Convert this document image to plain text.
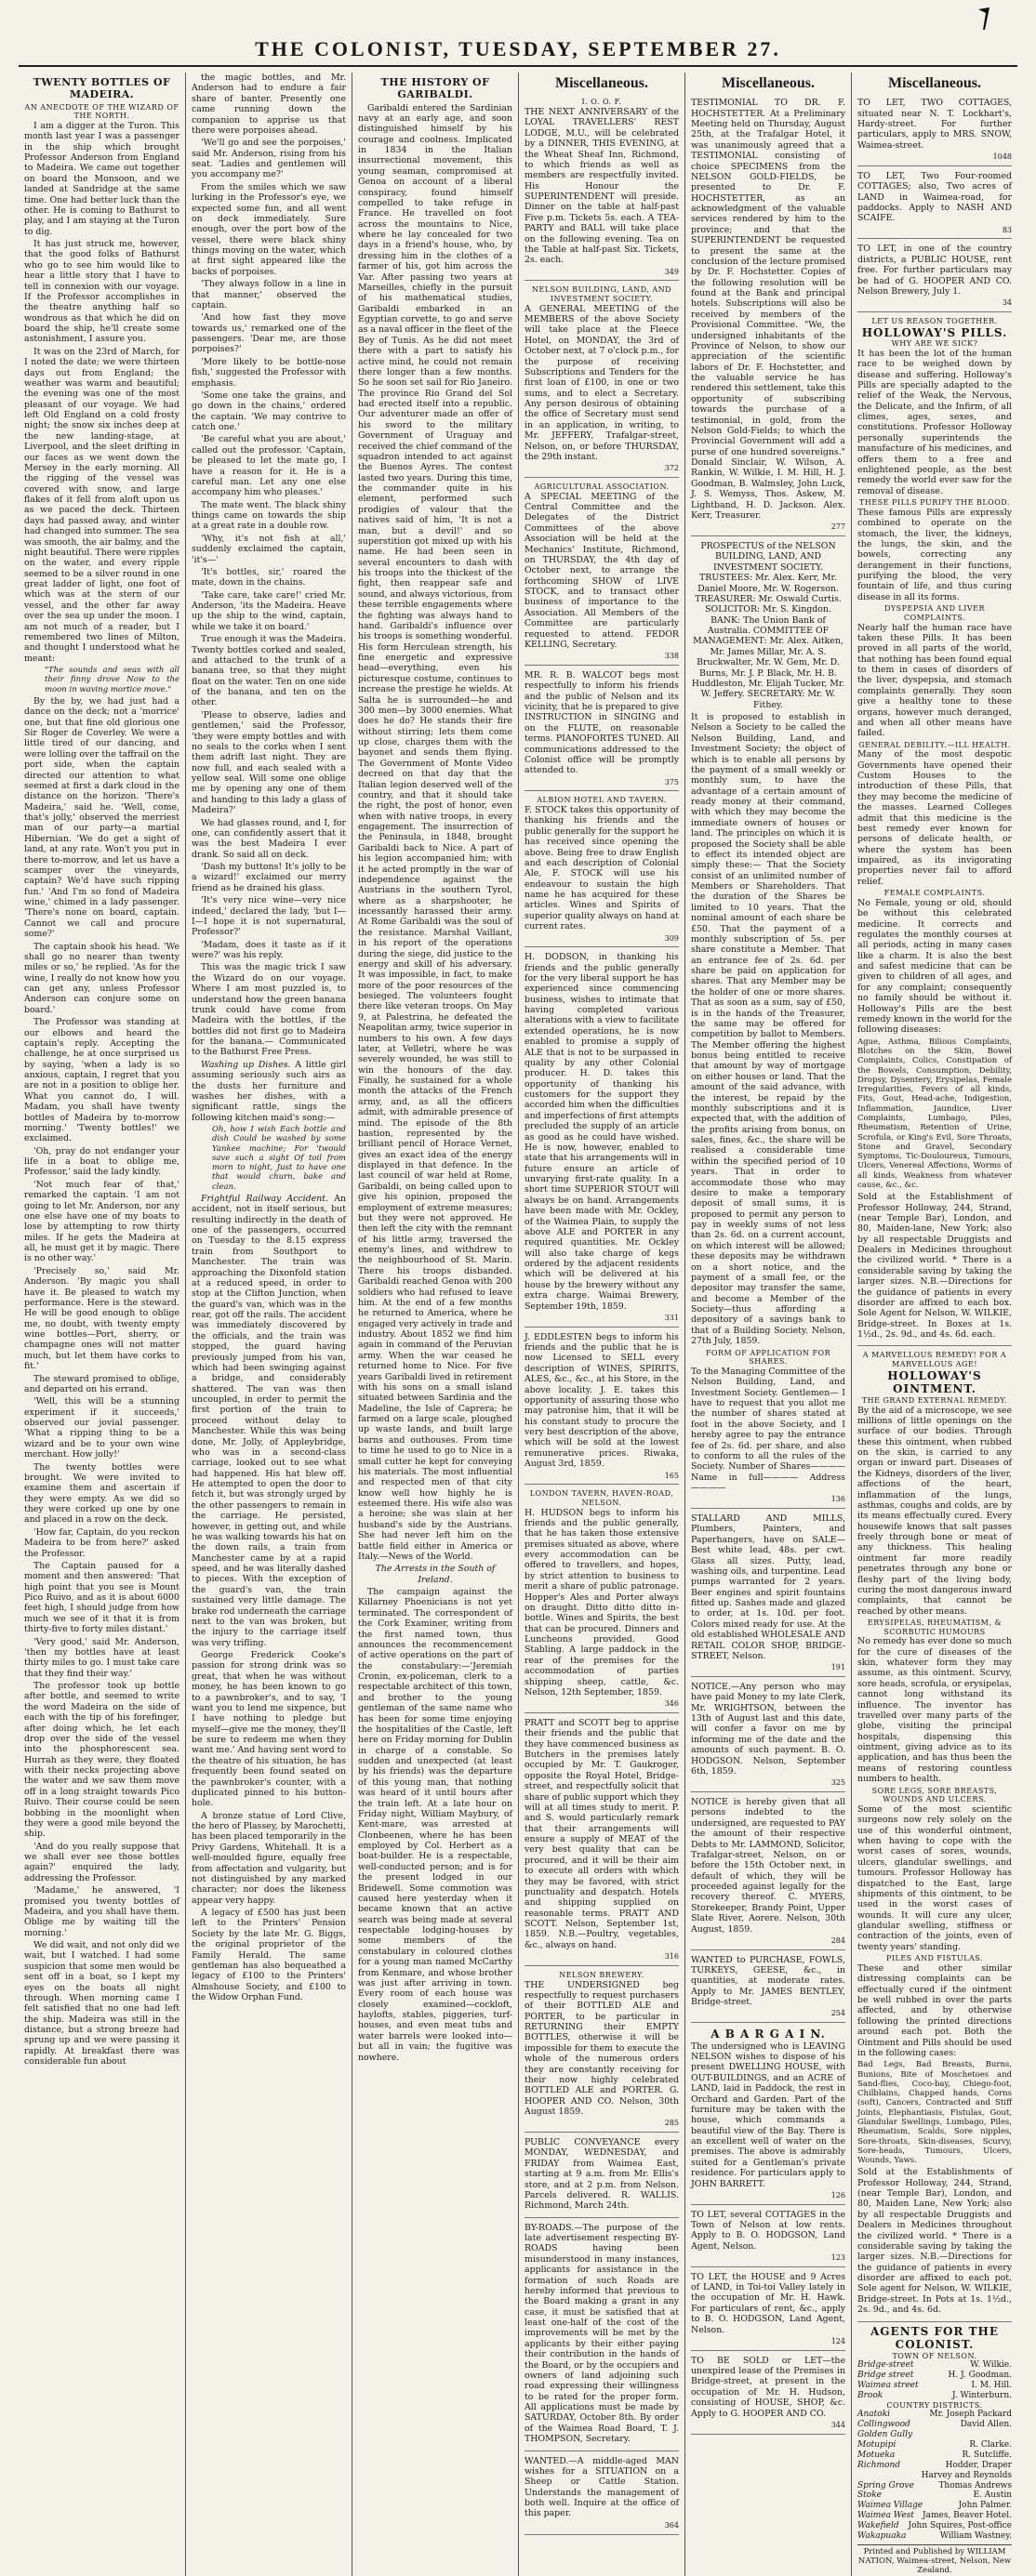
THE COLONIST, TUESDAY, SEPTEMBER 27.
TWENTY BOTTLES OF MADEIRA.
AN ANECDOTE OF THE WIZARD OF THE NORTH.

I am a digger at the Turon. This month last year I was a passenger in the ship which brought Professor Anderson from England to Madeira. We came out together on board the Monsoon, and we landed at Sandridge at the same time. One had better luck than the other. He is coming to Bathurst to play, and I am staying at the Turon to dig.

It has just struck me, however, that the good folks of Bathurst who go to see him would like to hear a little story that I have to tell in connexion with our voyage. If the Professor accomplishes in the theatre anything half so wondrous as that which he did on board the ship, he'll create some astonishment, I assure you.

It was on the 23rd of March, for I noted the date; we were thirteen days out from England; the weather was warm and beautiful; the evening was one of the most pleasant of our voyage. We had left Old England on a cold frosty night; the snow six inches deep at the new landing-stage, at Liverpool, and the sleet drifting in our faces as we went down the Mersey in the early morning. All the rigging of the vessel was covered with snow, and large flakes of it fell from aloft upon us as we paced the deck. Thirteen days had passed away, and winter had changed into summer. The sea was smooth, the air balmy, and the night beautiful. There were ripples on the water, and every ripple seemed to be a silver round in one great ladder of light, one foot of which was at the stern of our vessel, and the other far away over the sea up under the moon. I am not much of a reader, but I remembered two lines of Milton, and thought I understood what he meant:

"The sounds and seas with all their finny drove Now to the moon in waving mortice move."

By the by, we had just had a dance on the deck; not a 'morrice' one, but that fine old glorious one Sir Roger de Coverley. We were a little tired of our dancing, and were lolling over the taffrail on the port side, when the captain directed our attention to what seemed at first a dark cloud in the distance on the horizon. 'There's Madeira,' said he. 'Well, come, that's jolly,' observed the merriest man of our party—a martial Hibernian. 'We do get a sight of land, at any rate. Won't you put in there to-morrow, and let us have a scamper over the vineyards, captain? We'd have such ripping fun.' 'And I'm so fond of Madeira wine,' chimed in a lady passenger. 'There's none on board, captain. Cannot we call and procure some?'

The captain shook his head. 'We shall go no nearer than twenty miles or so,' he replied. 'As for the wine, I really do not know how you can get any, unless Professor Anderson can conjure some on board.'

The Professor was standing at our elbows and heard the captain's reply. Accepting the challenge, he at once surprised us by saying, 'when a lady is so anxious, captain, I regret that you are not in a position to oblige her. What you cannot do, I will. Madam, you shall have twenty bottles of Madeira by to-morrow morning.' 'Twenty bottles!' we exclaimed.

'Oh, pray do not endanger your life in a boat to oblige me, Professor,' said the lady kindly.

'Not much fear of that,' remarked the captain. 'I am not going to let Mr. Anderson, nor any one else have one of my boats to lose by attempting to row thirty miles. If he gets the Madeira at all, he must get it by magic. There is no other way.'

'Precisely so,' said Mr. Anderson. 'By magic you shall have it. Be pleased to watch my performance. Here is the steward. He will be good enough to oblige me, no doubt, with twenty empty wine bottles—Port, sherry, or champagne ones will not matter much, but let them have corks to fit.'

The steward promised to oblige, and departed on his errand.

'Well, this will be a stunning experiment if it succeeds,' observed our jovial passenger. 'What a ripping thing to be a wizard and be to your own wine merchant. How jolly!'

The twenty bottles were brought. We were invited to examine them and ascertain if they were empty. As we did so they were corked up one by one and placed in a row on the deck.

'How far, Captain, do you reckon Madeira to be from here?' asked the Professor.

The Captain paused for a moment and then answered: 'That high point that you see is Mount Pico Ruivo, and as it is about 6000 feet high, I should judge from how much we see of it that it is from thirty-five to forty miles distant.'

'Very good,' said Mr. Anderson, 'then my bottles have at least thirty miles to go. I must take care that they find their way.'

The professor took up bottle after bottle, and seemed to write the word Madeira on the side of each with the tip of his forefinger, after doing which, he let each drop over the side of the vessel into the phosphorescent sea. Hurrah as they were, they floated with their necks projecting above the water and we saw them move off in a long straight towards Pico Ruivo. Their course could be seen bobbing in the moonlight when they were a good mile beyond the ship.

'And do you really suppose that we shall ever see those bottles again?' enquired the lady, addressing the Professor.

'Madame,' he answered, 'I promised you twenty bottles of Madeira, and you shall have them. Oblige me by waiting till the morning.'

We did wait, and not only did we wait, but I watched. I had some suspicion that some men would be sent off in a boat, so I kept my eyes on the boats all night through. When morning came I felt satisfied that no one had left the ship. Madeira was still in the distance, but a strong breeze had sprung up and we were passing it rapidly. At breakfast there was considerable fun about

the magic bottles, and Mr. Anderson had to endure a fair share of banter. Presently one came running down the companion to apprise us that there were porpoises ahead.

'We'll go and see the porpoises,' said Mr. Anderson, rising from his seat. 'Ladies and gentlemen will you accompany me?'

From the smiles which we saw lurking in the Professor's eye, we expected some fun, and all went on deck immediately. Sure enough, over the port bow of the vessel, there were black shiny things moving on the water, which at first sight appeared like the backs of porpoises.

'They always follow in a line in that manner,' observed the captain.

'And how fast they move towards us,' remarked one of the passengers. 'Dear me, are those porpoises?'

'More likely to be bottle-nose fish,' suggested the Professor with emphasis.

'Some one take the grains, and go down in the chains,' ordered the captain. 'We may contrive to catch one.'

'Be careful what you are about,' called out the professor. 'Captain, be pleased to let the mate go, I have a reason for it. He is a careful man. Let any one else accompany him who pleases.'

The mate went. The black shiny things came on towards the ship at a great rate in a double row.

'Why, it's not fish at all,' suddenly exclaimed the captain, 'it's—'

'It's bottles, sir,' roared the mate, down in the chains.

'Take care, take care!' cried Mr. Anderson, 'its the Madeira. Heave up the ship to the wind, captain, while we take it on board.'

True enough it was the Madeira. Twenty bottles corked and sealed, and attached to the trunk of a banana tree, so that they might float on the water. Ten on one side of the banana, and ten on the other.

'Please to observe, ladies and gentlemen,' said the Professor, 'they were empty bottles and with no seals to the corks when I sent them adrift last night. They are now full, and each sealed with a yellow seal. Will some one oblige me by opening any one of them and handing to this lady a glass of Madeira?'

We had glasses round, and I, for one, can confidently assert that it was the best Madeira I ever drank. So said all on deck.

'Dash my buttons! It's jolly to be a wizard!' exclaimed our merry friend as he drained his glass.

'It's very nice wine—very nice indeed,' declared the lady, 'but I—I—I hope it is not supernatural, Professor?'

'Madam, does it taste as if it were?' was his reply.

This was the magic trick I saw the Wizard do on our voyage. Where I am most puzzled is, to understand how the green banana trunk could have come from Madeira with the bottles, if the bottles did not first go to Madeira for the banana.— Communicated to the Bathurst Free Press.

Washing up Dishes. A little girl assuming seriously such airs as the dusts her furniture and washes her dishes, with a significant rattle, sings the following kitchen maid's song:—

Oh, how I wish Each bottle and dish Could be washed by some Yankee machine; For 'twould save such a sight Of toil from morn to night, Just to have one that would churn, bake and clean.

Frightful Railway Accident. An accident, not in itself serious, but resulting indirectly in the death of one of the passengers, occurred on Tuesday to the 8.15 express train from Southport to Manchester. The train was approaching the Dixonfold station at a reduced speed, in order to stop at the Clifton Junction, when the guard's van, which was in the rear, got off the rails. The accident was immediately discovered by the officials, and the train was stopped, the guard having previously jumped from his van, which had been swinging against a bridge, and considerably shattered. The van was then uncoupled, in order to permit the first portion of the train to proceed without delay to Manchester. While this was being done, Mr. Jolly, of Appleybridge, who was in a second-class carriage, looked out to see what had happened. His hat blew off. He attempted to open the door to fetch it, but was strongly urged by the other passengers to remain in the carriage. He persisted, however, in getting out, and while he was walking towards his hat on the down rails, a train from Manchester came by at a rapid speed, and he was literally dashed to pieces. With the exception of the guard's van, the train sustained very little damage. The brake rod underneath the carriage next to the van was broken, but the injury to the carriage itself was very trifling.

George Frederick Cooke's passion for strong drink was so great, that when he was without money, he has been known to go to a pawnbroker's, and to say, 'I want you to lend me sixpence, but I have nothing to pledge but myself—give me the money, they'll be sure to redeem me when they want me.' And having sent word to the theatre of his situation, he has frequently been found seated on the pawnbroker's counter, with a duplicated pinned to his button-hole.

A bronze statue of Lord Clive, the hero of Plassey, by Marochetti, has been placed temporarily in the Privy Gardens, Whitehall. It is a well-moulded figure, equally free from affectation and vulgarity, but not distinguished by any marked character; nor does the likeness appear very happy.

A legacy of £500 has just been left to the Printers' Pension Society by the late Mr. G. Biggs, the original proprietor of the Family Herald. The same gentleman has also bequeathed a legacy of £100 to the Printers' Almshouse Society, and £100 to the Widow Orphan Fund.

THE HISTORY OF GARIBALDI.

Garibaldi entered the Sardinian navy at an early age, and soon distinguished himself by his courage and coolness. Implicated in 1834 in the Italian insurrectional movement, this young seaman, compromised at Genoa on account of a liberal conspiracy, found himself compelled to take refuge in France. He travelled on foot across the mountains to Nice, where he lay concealed for two days in a friend's house, who, by dressing him in the clothes of a farmer of his, got him across the Var. After passing two years at Marseilles, chiefly in the pursuit of his mathematical studies, Garibaldi embarked in an Egyptian corvette, to go and serve as a naval officer in the fleet of the Bey of Tunis. As he did not meet there with a part to satisfy his active mind, he could not remain there longer than a few months. So he soon set sail for Rio Janeiro. The province Rio Grand del Sol had erected itself into a republic. Our adventurer made an offer of his sword to the military Government of Uraguay and received the chief command of the squadron intended to act against the Buenos Ayres. The contest lasted two years. During this time, the commander quite in his element, performed such prodigies of valour that the natives said of him, 'It is not a man, but a devil!' and so superstition got mixed up with his name. He had been seen in several encounters to dash with his troops into the thickest of the fight, then reappear safe and sound, and always victorious, from these terrible engagements where the fighting was always hand to hand. Garibaldi's influence over his troops is something wonderful. His form Herculean strength, his fine energetic and expressive head—everything, even his picturesque costume, continues to increase the prestige he wields. At Salta he is surrounded—he and 300 men—by 3000 enemies. What does he do? He stands their fire without stirring; lets them come up close, charges them with the bayonet and sends them flying. The Government of Monte Video decreed on that day that the Italian legion deserved well of the country, and that it should take the right, the post of honor, even when with native troops, in every engagement. The insurrection of the Peninsula, in 1848, brought Garibaldi back to Nice. A part of his legion accompanied him; with it he acted promptly in the war of independence against the Austrians in the southern Tyrol, where as a sharpshooter, he incessantly harassed their army. At Rome Garibaldi was the soul of the resistance. Marshal Vaillant, in his report of the operations during the siege, did justice to the energy and skill of his adversary. It was impossible, in fact, to make more of the poor resources of the besieged. The volunteers fought there like veteran troops. On May 9, at Palestrina, he defeated the Neapolitan army, twice superior in numbers to his own. A few days later, at Velletri, where he was severely wounded, he was still to win the honours of the day. Finally, he sustained for a whole month the attacks of the French army, and, as all the officers admit, with admirable presence of mind. The episode of the 8th bastion, represented by the brilliant pencil of Horace Vernet, gives an exact idea of the energy displayed in that defence. In the last council of war held at Rome, Garibaldi, on being called upon to give his opinion, proposed the employment of extreme measures; but they were not approved. He then left the city with the remnant of his little army, traversed the enemy's lines, and withdrew to the neighbourhood of St. Marin. There his troops disbanded. Garibaldi reached Genoa with 200 soldiers who had refused to leave him. At the end of a few months he returned to America, where he engaged very actively in trade and industry. About 1852 we find him again in command of the Peruvian army. When the war ceased he returned home to Nice. For five years Garibaldi lived in retirement with his sons on a small island situated between Sardinia and the Madeline, the Isle of Caprera; he farmed on a large scale, ploughed up waste lands, and built large barns and outhouses. From time to time he used to go to Nice in a small cutter he kept for conveying his materials. The most influential and respected men of that city know well how highly he is esteemed there. His wife also was a heroine; she was slain at her husband's side by the Austrians. She had never left him on the battle field either in America or Italy.—News of the World.

The Arrests in the South of Ireland.

The campaign against the Killarney Phoenicians is not yet terminated. The correspondent of the Cork Examiner, writing from the first named town, thus announces the recommencement of active operations on the part of the constabulary:—'Jeremiah Cronin, ex-policeman, clerk to a respectable architect of this town, and brother to the young gentleman of the same name who has been for some time enjoying the hospitalities of the Castle, left here on Friday morning for Dublin in charge of a constable. So sudden and unexpected (at least by his friends) was the departure of this young man, that nothing was heard of it until hours after the train left. At a late hour on Friday night, William Maybury, of Kent-mare, was arrested at Clonbeenen, where he has been employed by Col. Herbert as a boat-builder. He is a respectable, well-conducted person; and is for the present lodged in our Bridewell. Some commotion was caused here yesterday when it became known that an active search was being made at several respectable lodging-houses by some members of the constabulary in coloured clothes for a young man named McCarthy from Kenmare, and whose brother was just after arriving in town. Every room of each house was closely examined—cockloft, haylofts, stables, piggeries, turf-houses, and even meat tubs and water barrels were looked into—but all in vain; the fugitive was nowhere.

Miscellaneous.
I. O. O. F.

THE NEXT ANNIVERSARY of the LOYAL TRAVELLERS' REST LODGE, M.U., will be celebrated by a DINNER, THIS EVENING, at the Wheat Sheaf Inn, Richmond, to which friends as well as members are respectfully invited. His Honour the SUPERINTENDENT will preside. Dinner on the table at half-past Five p.m. Tickets 5s. each. A TEA-PARTY and BALL will take place on the following evening. Tea on the Table at half-past Six. Tickets, 2s. each.

349
NELSON BUILDING, LAND, AND INVESTMENT SOCIETY.

A GENERAL MEETING of the MEMBERS of the above Society will take place at the Fleece Hotel, on MONDAY, the 3rd of October next, at 7 o'clock p.m., for the purpose of receiving Subscriptions and Tenders for the first loan of £100, in one or two sums, and to elect a Secretary. Any person desirous of obtaining the office of Secretary must send in an application, in writing, to Mr. JEFFERY, Trafalgar-street, Nelson, on, or before THURSDAY, the 29th instant.

372
AGRICULTURAL ASSOCIATION.

A SPECIAL MEETING of the Central Committee and the Delegates of the District Committees of the above Association will be held at the Mechanics' Institute, Richmond, on THURSDAY, the 4th day of October next, to arrange the forthcoming SHOW of LIVE STOCK, and to transact other business of importance to the Association. All Members of the Committee are particularly requested to attend. FEDOR KELLING, Secretary.

338

MR. R. B. WALCOT begs most respectfully to inform his friends and the public of Nelson and its vicinity, that he is prepared to give INSTRUCTION in SINGING and on the FLUTE, on reasonable terms. PIANOFORTES TUNED. All communications addressed to the Colonist office will be promptly attended to.

375
ALBION HOTEL AND TAVERN.

F. STOCK takes this opportunity of thanking his friends and the public generally for the support he has received since opening the above. Being free to draw English and each description of Colonial Ale, F. STOCK will use his endeavour to sustain the high name he has acquired for these articles. Wines and Spirits of superior quality always on hand at current rates.

309

H. DODSON, in thanking his friends and the public generally for the very liberal support he has experienced since commencing business, wishes to intimate that having completed various alterations with a view to facilitate extended operations, he is now enabled to promise a supply of ALE that is not to be surpassed in quality by any other Colonial producer. H. D. takes this opportunity of thanking his customers for the support they accorded him when the difficulties and imperfections of first attempts precluded the supply of an article as good as he could have wished. He is now, however, enabled to state that his arrangements will in future ensure an article of unvarying first-rate quality. In a short time SUPERIOR STOUT will always be on hand. Arrangements have been made with Mr. Ockley, of the Waimea Plain, to supply the above ALE and PORTER in any required quantities. Mr. Ockley will also take charge of kegs ordered by the adjacent residents which will be delivered at his house by the brewery without any extra charge. Waimai Brewery, September 19th, 1859.

331

J. EDDLESTEN begs to inform his friends and the public that he is now Licensed to SELL every description of WINES, SPIRITS, ALES, &c., &c., at his Store, in the above locality. J. E. takes this opportunity of assuring those who may patronise him, that it will be his constant study to procure the very best description of the above, which will be sold at the lowest remunerative prices. Riwaka, August 3rd, 1859.

165
LONDON TAVERN, HAVEN-ROAD, NELSON.

H. HUDSON begs to inform his friends and the public generally, that he has taken those extensive premises situated as above, where every accommodation can be offered to travellers, and hopes, by strict attention to business to merit a share of public patronage. Hopper's Ales and Porter always on draught. Ditto ditto ditto in-bottle. Wines and Spirits, the best that can be procured. Dinners and Luncheons provided. Good Stabling. A large paddock in the rear of the premises for the accommodation of parties shipping sheep, cattle, &c. Nelson, 12th September, 1859.

346

PRATT and SCOTT beg to apprise their friends and the public that they have commenced business as Butchers in the premises lately occupied by Mr. T. Gaukroger, opposite the Royal Hotel, Bridge-street, and respectfully solicit that share of public support which they will at all times study to merit. P. and S. would particularly remark that their arrangements will ensure a supply of MEAT of the very best quality that can be procured, and it will be their aim to execute all orders with which they may be favored, with strict punctuality and despatch. Hotels and shipping supplied on reasonable terms. PRATT AND SCOTT. Nelson, September 1st, 1859. N.B.—Poultry, vegetables, &c., always on hand.

316
NELSON BREWERY.

THE UNDERSIGNED beg respectfully to request purchasers of their BOTTLED ALE and PORTER, to be particular in RETURNING their EMPTY BOTTLES, otherwise it will be impossible for them to execute the whole of the numerous orders they are constantly receiving for their now highly celebrated BOTTLED ALE and PORTER. G. HOOPER AND CO. Nelson, 30th August 1859.

285

PUBLIC CONVEYANCE every MONDAY, WEDNESDAY, and FRIDAY from Waimea East, starting at 9 a.m. from Mr. Ellis's store, and at 2 p.m. from Nelson. Parcels delivered. R. WALLIS. Richmond, March 24th.

BY-ROADS.—The purpose of the late advertisement respecting BY-ROADS having been misunderstood in many instances, applicants for assistance in the formation of such Roads are hereby informed that previous to the Board making a grant in any case, it must be satisfied that at least one-half of the cost of the improvements will be met by the applicants by their either paying their contribution in the hands of the Board, or by the occupiers and owners of land adjoining such road expressing their willingness to be rated for the proper form. All applications must be made by SATURDAY, October 8th. By order of the Waimea Road Board, T. J. THOMPSON, Secretary.

WANTED.—A middle-aged MAN wishes for a SITUATION on a Sheep or Cattle Station. Understands the management of both well. Inquire at the office of this paper.

364
Miscellaneous.

TESTIMONIAL TO DR. F. HOCHSTETTER. At a Preliminary Meeting held on Thursday, August 25th, at the Trafalgar Hotel, it was unanimously agreed that a TESTIMONIAL consisting of choice SPECIMENS from the NELSON GOLD-FIELDS, be presented to Dr. F. HOCHSTETTER, as an acknowledgment of the valuable services rendered by him to the province; and that the SUPERINTENDENT be requested to present the same at the conclusion of the lecture promised by Dr. F. Hochstetter. Copies of the following resolution will be found at the Bank and principal hotels. Subscriptions will also be received by members of the Provisional Committee. "We, the undersigned inhabitants of the Province of Nelson, to show our appreciation of the scientific labors of Dr. F. Hochstetter, and the valuable service he has rendered this settlement, take this opportunity of subscribing towards the purchase of a testimonial, in gold, from the Nelson Gold-Fields; to which the Provincial Government will add a purse of one hundred sovereigns." Donald Sinclair, W. Wilson, A. Rankin, W. Wilkie, I. M. Hill, H. J. Goodman, B. Walmsley, John Luck, J. S. Wemyss, Thos. Askew, M. Lightband, H. D. Jackson. Alex. Kerr, Treasurer.

277

PROSPECTUS of the NELSON BUILDING, LAND, AND INVESTMENT SOCIETY. TRUSTEES: Mr. Alex. Kerr, Mr. Daniel Moore, Mr. W. Rogerson. TREASURER: Mr. Oswald Curtis. SOLICITOR: Mr. S. Kingdon. BANK: The Union Bank of Australia. COMMITTEE OF MANAGEMENT: Mr. Alex. Aitken, Mr. James Millar, Mr. A. S. Bruckwalter, Mr. W. Gem, Mr. D. Burns, Mr. J. P. Black, Mr. H. B. Huddleston, Mr. Elijah Tucker, Mr. W. Jeffery. SECRETARY: Mr. W. Fithey.

It is proposed to establish in Nelson a Society to be called the Nelson Building, Land, and Investment Society; the object of which is to enable all persons by the payment of a small weekly or monthly sum, to have the advantage of a certain amount of ready money at their command, with which they may become the immediate owners of houses or land. The principles on which it is proposed the Society shall be able to effect its intended object are simply these:— That the Society consist of an unlimited number of Members or Shareholders. That the duration of the Shares be limited to 10 years. That the nominal amount of each share be £50. That the payment of a monthly subscription of 5s. per share constitute a Member. That an entrance fee of 2s. 6d. per share be paid on application for shares. That any Member may be the holder of one or more shares. That as soon as a sum, say of £50, is in the hands of the Treasurer, the same may be offered for competition by ballot to Members. The Member offering the highest bonus being entitled to receive that amount by way of mortgage on either houses or land. That the amount of the said advance, with the interest, be repaid by the monthly subscriptions and it is expected that, with the addition of the profits arising from bonus, on sales, fines, &c., the share will be realised a considerable time within the specified period of 10 years. That in order to accommodate those who may desire to make a temporary deposit of small sums, it is proposed to permit any person to pay in weekly sums of not less than 2s. 6d. on a current account, on which interest will be allowed; these deposits may be withdrawn on a short notice, and the payment of a small fee, or the depositor may transfer the same, and become a Member of the Society—thus affording a depository of a savings bank to that of a Building Society. Nelson, 27th July, 1859.

FORM OF APPLICATION FOR SHARES.

To the Managing Committee of the Nelson Building, Land, and Investment Society. Gentlemen— I have to request that you allot me the number of shares stated at foot in the above Society, and I hereby agree to pay the entrance fee of 2s. 6d. per share, and also to conform to all the rules of the Society. Number of Shares———— Name in full———— Address————

136

STALLARD AND MILLS, Plumbers, Painters, and Paperhangers, have on SALE— Best white lead, 48s. per cwt. Glass all sizes. Putty, lead, washing oils, and turpentine. Lead pumps warranted for 2 years. Beer engines and spirit fountains fitted up. Sashes made and glazed to order, at 1s. 10d. per foot. Colors mixed ready for use. At the old established WHOLESALE AND RETAIL COLOR SHOP, BRIDGE-STREET, Nelson.

191

NOTICE.—Any person who may have paid Money to my late Clerk, Mr. WRIGHTSON, between the 13th of August last and this date, will confer a favor on me by informing me of the date and the amounts of such payment. B. O. HODGSON. Nelson, September 6th, 1859.

325

NOTICE is hereby given that all persons indebted to the undersigned, are requested to PAY the amount of their respective Debts to Mr. LAMMOND, Solicitor, Trafalgar-street, Nelson, on or before the 15th October next, in default of which, they will be proceeded against legally for the recovery thereof. C. MYERS, Storekeeper, Brandy Point, Upper Slate River, Aorere. Nelson, 30th August, 1859.

284

WANTED to PURCHASE, FOWLS, TURKEYS, GEESE, &c., in quantities, at moderate rates. Apply to Mr. JAMES BENTLEY, Bridge-street.

254
A B A R G A I N.

The undersigned who is LEAVING NELSON wishes to dispose of his present DWELLING HOUSE, with OUT-BUILDINGS, and an ACRE of LAND, laid in Paddock, the rest in Orchard and Garden. Part of the furniture may be taken with the house, which commands a beautiful view of the Bay. There is an excellent well of water on the premises. The above is admirably suited for a Gentleman's private residence. For particulars apply to JOHN BARRETT.

126

TO LET, several COTTAGES in the Town of Nelson at low rents. Apply to B. O. HODGSON, Land Agent, Nelson.

123

TO LET, the HOUSE and 9 Acres of LAND, in Toi-toi Valley lately in the occupation of Mr. H. Hawk. For particulars of rent, &c., apply to B. O. HODGSON, Land Agent, Nelson.

124

TO BE SOLD or LET—the unexpired lease of the Premises in Bridge-street, at present in the occupation of Mr. H. Hudson, consisting of HOUSE, SHOP, &c. Apply to G. HOOPER AND CO.

344
Miscellaneous.

TO LET, TWO COTTAGES, situated near N. T. Lockhart's, Hardy-street. For further particulars, apply to MRS. SNOW, Waimea-street.

1048

TO LET, Two Four-roomed COTTAGES; also, Two acres of LAND in Waimea-road, for paddocks. Apply to NASH AND SCAIFE.

83

TO LET, in one of the country districts, a PUBLIC HOUSE, rent free. For further particulars may be had of G. HOOPER AND CO. Nelson Brewery, July 1.

34
LET US REASON TOGETHER.
HOLLOWAY'S PILLS.
WHY ARE WE SICK?

It has been the lot of the human race to be weighed down by disease and suffering. Holloway's Pills are specially adapted to the relief of the Weak, the Nervous, the Delicate, and the Infirm, of all climes, ages, sexes, and constitutions. Professor Holloway personally superintends the manufacture of his medicines, and offers them to a free and enlightened people, as the best remedy the world ever saw for the removal of disease.

THESE PILLS PURIFY THE BLOOD.

These famous Pills are expressly combined to operate on the stomach, the liver, the kidneys, the lungs, the skin, and the bowels, correcting any derangement in their functions, purifying the blood, the very fountain of life, and thus curing disease in all its forms.

DYSPEPSIA AND LIVER COMPLAINTS.

Nearly half the human race have taken these Pills. It has been proved in all parts of the world, that nothing has been found equal to them in cases of disorders of the liver, dyspepsia, and stomach complaints generally. They soon give a healthy tone to these organs, however much deranged, and when all other means have failed.

GENERAL DEBILITY.—ILL HEALTH.

Many of the most despotic Governments have opened their Custom Houses to the introduction of these Pills, that they may become the medicine of the masses. Learned Colleges admit that this medicine is the best remedy ever known for persons of delicate health, or where the system has been impaired, as its invigorating properties never fail to afford relief.

FEMALE COMPLAINTS.

No Female, young or old, should be without this celebrated medicine. It corrects and regulates the monthly courses at all periods, acting in many cases like a charm. It is also the best and safest medicine that can be given to children of all ages, and for any complaint; consequently no family should be without it. Holloway's Pills are the best remedy known in the world for the following diseases:

Ague, Asthma, Bilious Complaints, Blotches on the Skin, Bowel Complaints, Colics, Constipation of the Bowels, Consumption, Debility, Dropsy, Dysentery, Erysipelas, Female Irregularities, Fevers of all kinds, Fits, Gout, Head-ache, Indigestion, Inflammation, Jaundice, Liver Complaints, Lumbago, Piles, Rheumatism, Retention of Urine, Scrofula, or King's Evil, Sore Throats, Stone and Gravel, Secondary Symptoms, Tic-Douloureux, Tumours, Ulcers, Venereal Affections, Worms of all kinds, Weakness from whatever cause, &c., &c.

Sold at the Establishment of Professor Holloway, 244, Strand, (near Temple Bar), London, and 80, Maiden-lane, New York; also by all respectable Druggists and Dealers in Medicines throughout the civilized world. * There is a considerable saving by taking the larger sizes. N.B.—Directions for the guidance of patients in every disorder are affixed to each box. Sole Agent for Nelson, W. WILKIE, Bridge-street. In Boxes at 1s. 1½d., 2s. 9d., and 4s. 6d. each.

A MARVELLOUS REMEDY! FOR A MARVELLOUS AGE!
HOLLOWAY'S OINTMENT.
THE GRAND EXTERNAL REMEDY.

By the aid of a microscope, we see millions of little openings on the surface of our bodies. Through these this ointment, when rubbed on the skin, is carried to any organ or inward part. Diseases of the Kidneys, disorders of the liver, affections of the heart, inflammation of the lungs, asthmas, coughs and colds, are by its means effectually cured. Every housewife knows that salt passes freely through bone or meat of any thickness. This healing ointment far more readily penetrates through any bone or fleshy part of the living body, curing the most dangerous inward complaints, that cannot be reached by other means.

ERYSIPELAS, RHEUMATISM, & SCORBUTIC HUMOURS

No remedy has ever done so much for the cure of diseases of the skin, whatever form they may assume, as this ointment. Scurvy, sore heads, scrofula, or erysipelas, cannot long withstand its influence. The inventor has travelled over many parts of the globe, visiting the principal hospitals, dispensing this ointment, giving advice as to its application, and has thus been the means of restoring countless numbers to health.

SORE LEGS, SORE BREASTS, WOUNDS AND ULCERS.

Some of the most scientific surgeons now rely solely on the use of this wonderful ointment, when having to cope with the worst cases of sores, wounds, ulcers, glandular swellings, and tumours. Professor Holloway has dispatched to the East, large shipments of this ointment, to be used in the worst cases of wounds. It will cure any ulcer, glandular swelling, stiffness or contraction of the joints, even of twenty years' standing.

PILES AND FISTULAS.

These and other similar distressing complaints can be effectually cured if the ointment be well rubbed in over the parts affected, and by otherwise following the printed directions around each pot. Both the Ointment and Pills should be used in the following cases:

Bad Legs, Bad Breasts, Burns, Bunions, Bite of Moschetoes and Sand-flies, Coco-bay, Chiego-foot, Chilblains, Chapped hands, Corns (soft), Cancers, Contracted and Stiff Joints, Elephantiasis, Fistulas, Gout, Glandular Swellings, Lumbago, Piles, Rheumatism, Scalds, Sore nipples, Sore-throats, Skin-diseases, Scurvy, Sore-heads, Tumours, Ulcers, Wounds, Yaws.

Sold at the Establishments of Professor Holloway, 244, Strand, (near Temple Bar), London, and 80, Maiden Lane, New York; also by all respectable Druggists and Dealers in Medicines throughout the civilized world. * There is a considerable saving by taking the larger sizes. N.B.—Directions for the guidance of patients in every disorder are affixed to each pot. Sole agent for Nelson, W. WILKIE, Bridge-street. In Pots at 1s. 1½d., 2s. 9d., and 4s. 6d.

AGENTS FOR THE COLONIST.
TOWN OF NELSON.
Bridge-street	W. Wilkie.
Bridge street	H. J. Goodman.
Waimea street	I. M. Hill.
Brook	J. Winterburn.
COUNTRY DISTRICTS.
Anatoki	Mr. Joseph Packard
Collingwood	David Allen.
Golden Gully
Motupipi	R. Clarke.
Motueka	R. Sutcliffe.
Richmond	Hodder, Draper
Harvey and Reynolds
Spring Grove	Thomas Andrews
Stoke	E. Austin
Waimea Village	John Palmer.
Waimea West James, Beaver Hotel.
Wakefield John Squires, Post-office
Wakapuaka	William Wastney.
Printed and Published by WILLIAM NATION, Waimea-street, Nelson, New Zealand.
